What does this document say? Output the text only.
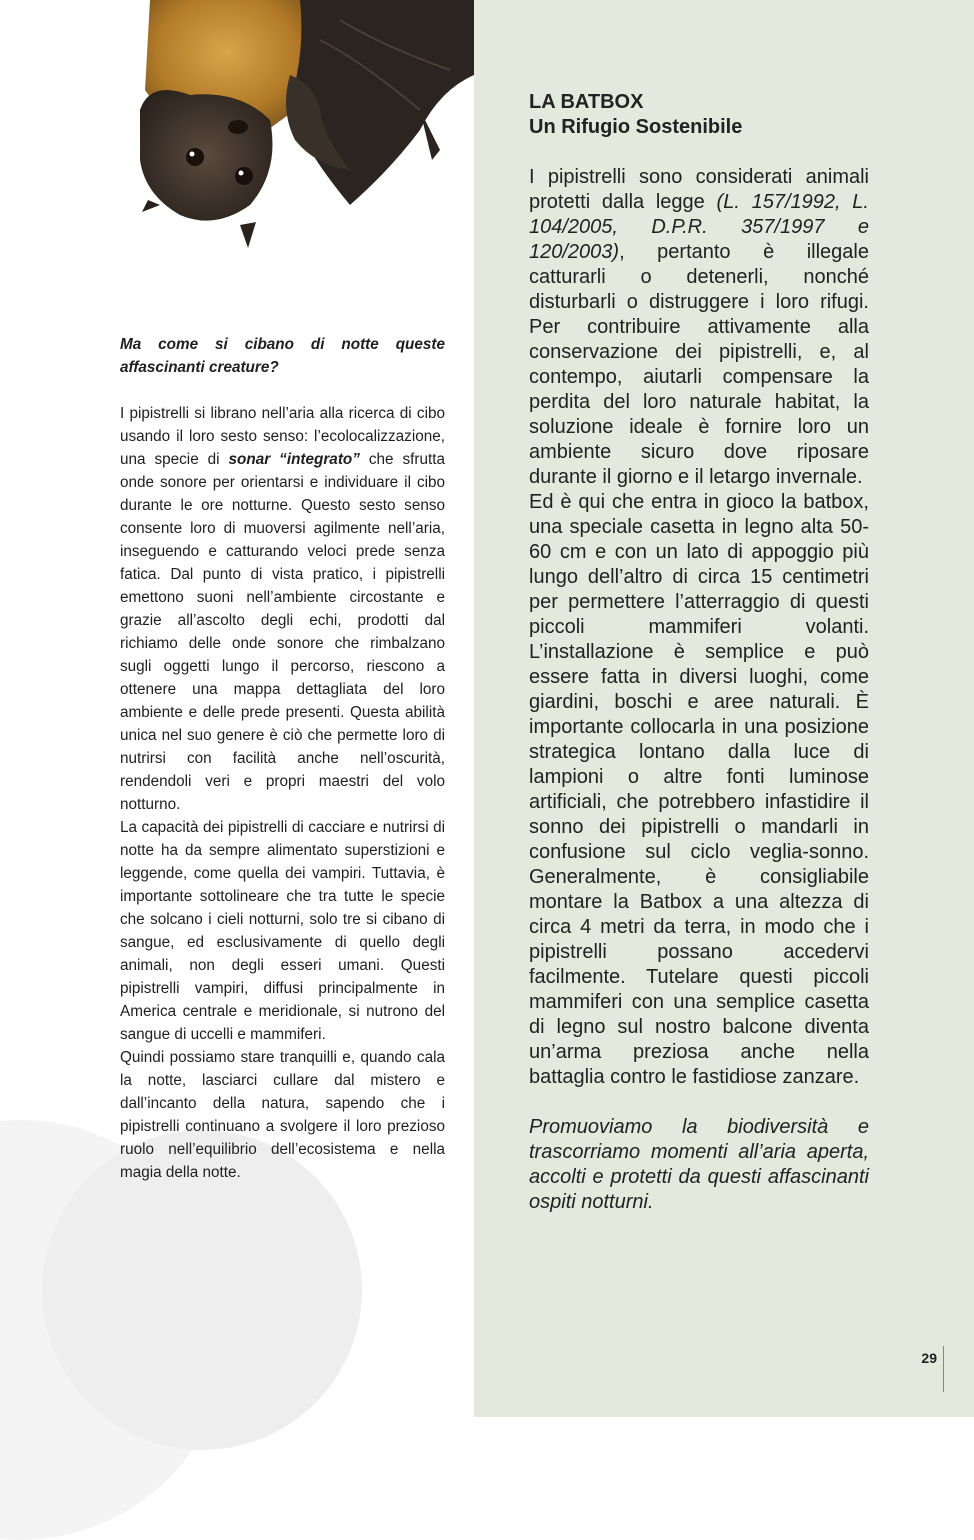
Ma come si cibano di notte queste affascinanti creature?

I pipistrelli si librano nell’aria alla ricerca di cibo usando il loro sesto senso: l’ecolocalizzazione, una specie di sonar “integrato” che sfrutta onde sonore per orientarsi e individuare il cibo durante le ore notturne. Questo sesto senso consente loro di muoversi agilmente nell’aria, inseguendo e catturando veloci prede senza fatica. Dal punto di vista pratico, i pipistrelli emettono suoni nell’ambiente circostante e grazie all’ascolto degli echi, prodotti dal richiamo delle onde sonore che rimbalzano sugli oggetti lungo il percorso, riescono a ottenere una mappa dettagliata del loro ambiente e delle prede presenti. Questa abilità unica nel suo genere è ciò che permette loro di nutrirsi con facilità anche nell’oscurità, rendendoli veri e propri maestri del volo notturno.

La capacità dei pipistrelli di cacciare e nutrirsi di notte ha da sempre alimentato superstizioni e leggende, come quella dei vampiri. Tuttavia, è importante sottolineare che tra tutte le specie che solcano i cieli notturni, solo tre si cibano di sangue, ed esclusivamente di quello degli animali, non degli esseri umani. Questi pipistrelli vampiri, diffusi principalmente in America centrale e meridionale, si nutrono del sangue di uccelli e mammiferi.

Quindi possiamo stare tranquilli e, quando cala la notte, lasciarci cullare dal mistero e dall’incanto della natura, sapendo che i pipistrelli continuano a svolgere il loro prezioso ruolo nell’equilibrio dell’ecosistema e nella magia della notte.

LA BATBOX

Un Rifugio Sostenibile

I pipistrelli sono considerati animali protetti dalla legge (L. 157/1992, L. 104/2005, D.P.R. 357/1997 e 120/2003), pertanto è illegale catturarli o detenerli, nonché disturbarli o distruggere i loro rifugi. Per contribuire attivamente alla conservazione dei pipistrelli, e, al contempo, aiutarli compensare la perdita del loro naturale habitat, la soluzione ideale è fornire loro un ambiente sicuro dove riposare durante il giorno e il letargo invernale.

Ed è qui che entra in gioco la batbox, una speciale casetta in legno alta 50-60 cm e con un lato di appoggio più lungo dell’altro di circa 15 centimetri per permettere l’atterraggio di questi piccoli mammiferi volanti. L’installazione è semplice e può essere fatta in diversi luoghi, come giardini, boschi e aree naturali. È importante collocarla in una posizione strategica lontano dalla luce di lampioni o altre fonti luminose artificiali, che potrebbero infastidire il sonno dei pipistrelli o mandarli in confusione sul ciclo veglia-sonno. Generalmente, è consigliabile montare la Batbox a una altezza di circa 4 metri da terra, in modo che i pipistrelli possano accedervi facilmente. Tutelare questi piccoli mammiferi con una semplice casetta di legno sul nostro balcone diventa un’arma preziosa anche nella battaglia contro le fastidiose zanzare.

Promuoviamo la biodiversità e trascorriamo momenti all’aria aperta, accolti e protetti da questi affascinanti ospiti notturni.

29
